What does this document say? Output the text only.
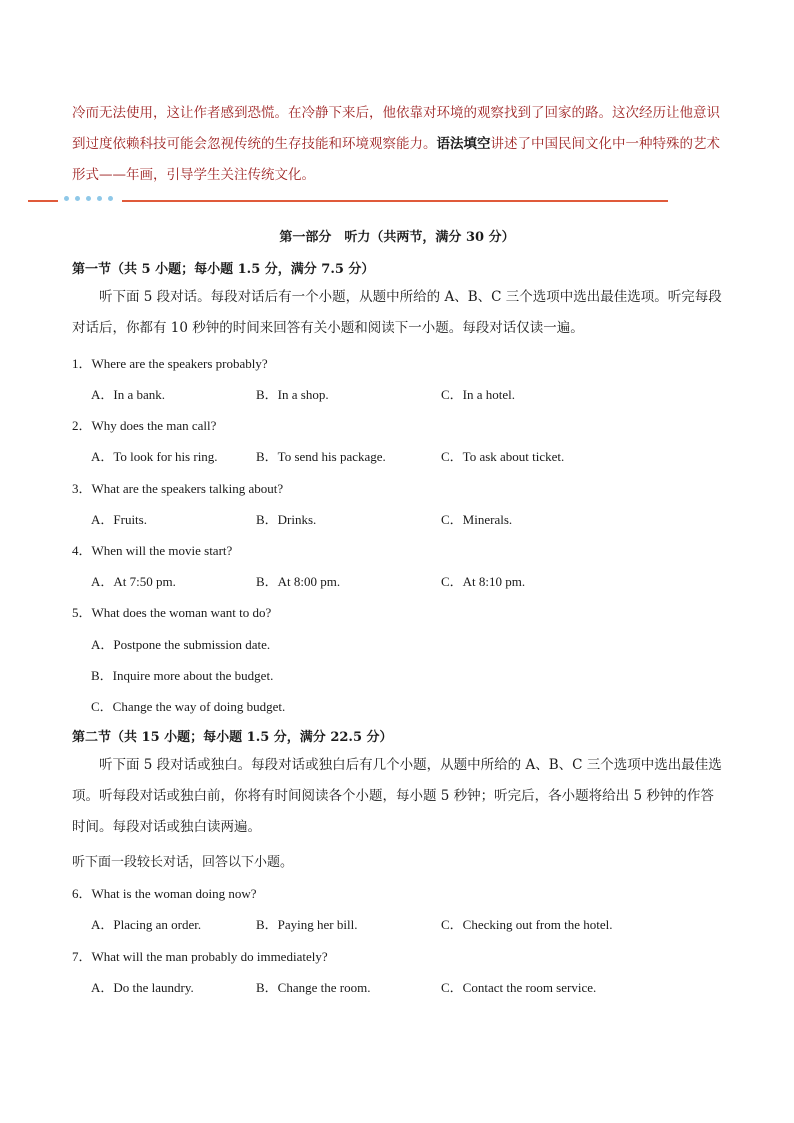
冷而无法使用，这让作者感到恐慌。在冷静下来后，他依靠对环境的观察找到了回家的路。这次经历让他意识到过度依赖科技可能会忽视传统的生存技能和环境观察能力。语法填空讲述了中国民间文化中一种特殊的艺术形式——年画，引导学生关注传统文化。
第一部分　听力（共两节，满分 30 分）
第一节（共 5 小题；每小题 1.5 分，满分 7.5 分）
听下面 5 段对话。每段对话后有一个小题，从题中所给的 A、B、C 三个选项中选出最佳选项。听完每段对话后，你都有 10 秒钟的时间来回答有关小题和阅读下一小题。每段对话仅读一遍。
1．Where are the speakers probably?
A．In a bank.	B．In a shop.	C．In a hotel.
2．Why does the man call?
A．To look for his ring.	B．To send his package.	C．To ask about ticket.
3．What are the speakers talking about?
A．Fruits.	B．Drinks.	C．Minerals.
4．When will the movie start?
A．At 7:50 pm.	B．At 8:00 pm.	C．At 8:10 pm.
5．What does the woman want to do?
A．Postpone the submission date.
B．Inquire more about the budget.
C．Change the way of doing budget.
第二节（共 15 小题；每小题 1.5 分，满分 22.5 分）
听下面 5 段对话或独白。每段对话或独白后有几个小题，从题中所给的 A、B、C 三个选项中选出最佳选项。听每段对话或独白前，你将有时间阅读各个小题，每小题 5 秒钟；听完后，各小题将给出 5 秒钟的作答时间。每段对话或独白读两遍。
听下面一段较长对话，回答以下小题。
6．What is the woman doing now?
A．Placing an order.	B．Paying her bill.	C．Checking out from the hotel.
7．What will the man probably do immediately?
A．Do the laundry.	B．Change the room.	C．Contact the room service.
